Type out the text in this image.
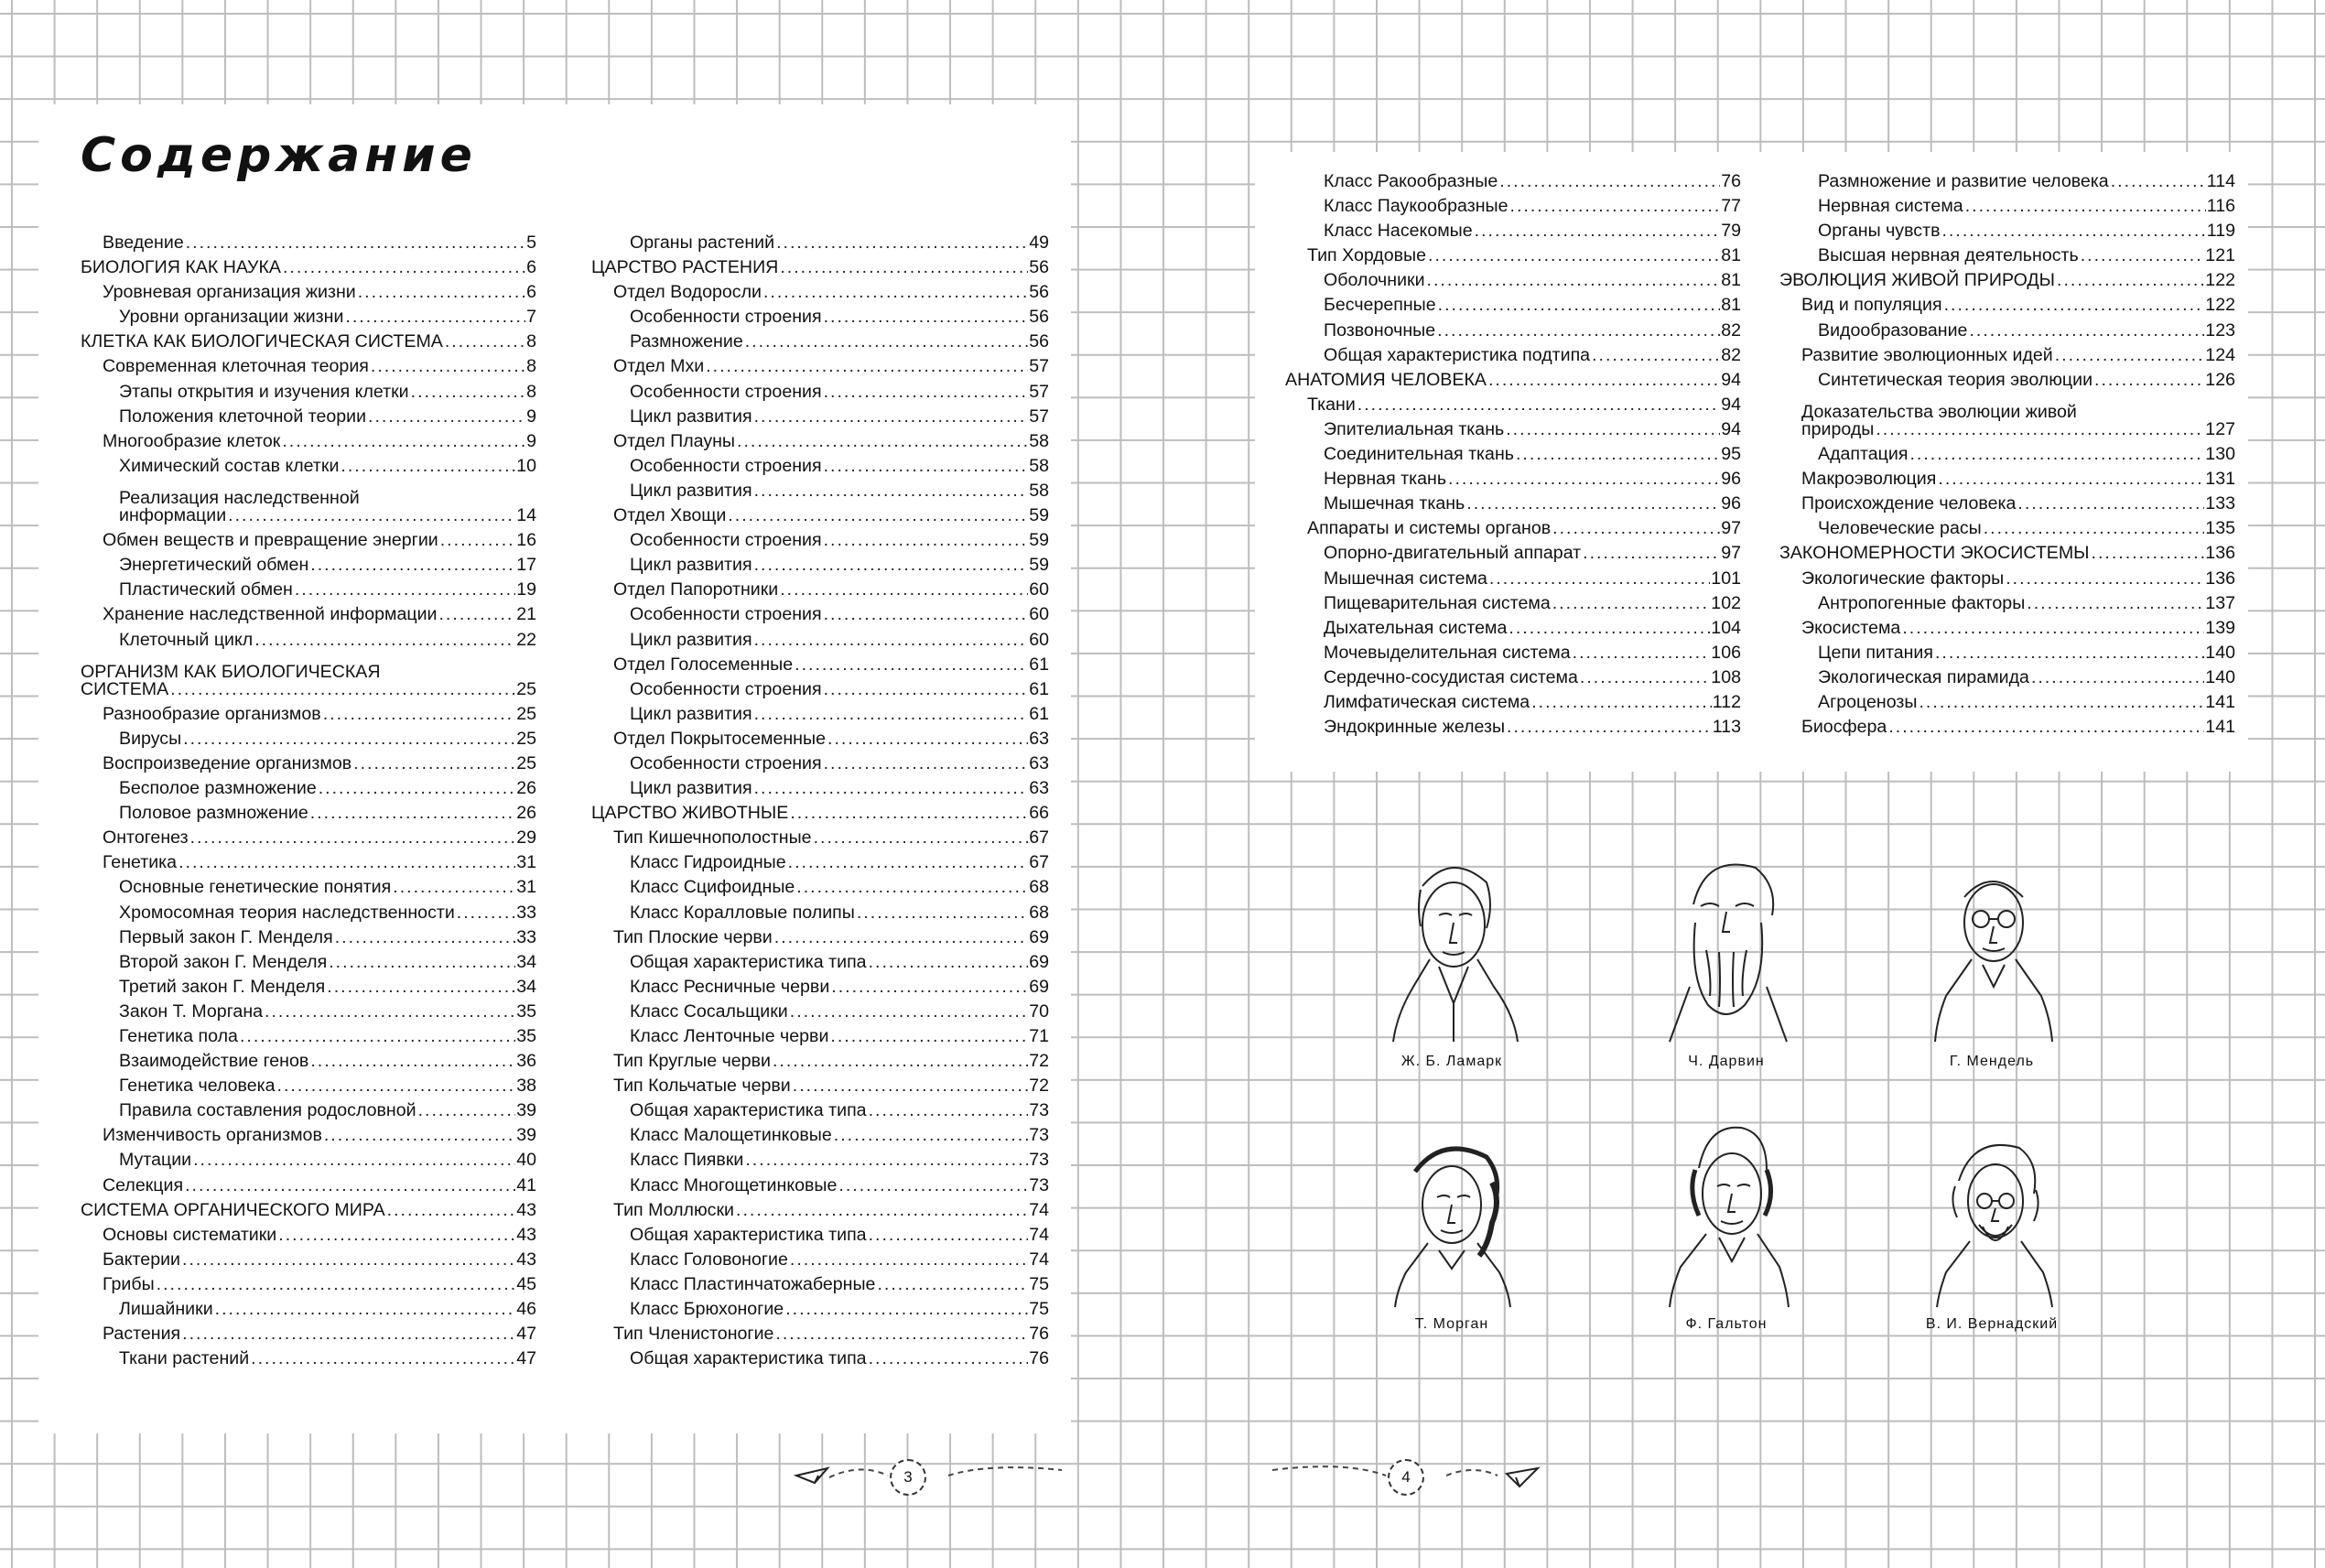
Содержание
Введение .....	5
БИОЛОГИЯ КАК НАУКА .....	6
Уровневая организация жизни .....	6
Уровни организации жизни .....	7
КЛЕТКА КАК БИОЛОГИЧЕСКАЯ СИСТЕМА .....	8
Современная клеточная теория .....	8
Этапы открытия и изучения клетки .....	8
Положения клеточной теории .....	9
Многообразие клеток .....	9
Химический состав клетки .....	10
Реализация наследственной
информации .....	14
Обмен веществ и превращение энергии .....	16
Энергетический обмен .....	17
Пластический обмен .....	19
Хранение наследственной информации .....	21
Клеточный цикл .....	22
ОРГАНИЗМ КАК БИОЛОГИЧЕСКАЯ
СИСТЕМА .....	25
Разнообразие организмов .....	25
Вирусы .....	25
Воспроизведение организмов .....	25
Бесполое размножение .....	26
Половое размножение .....	26
Онтогенез .....	29
Генетика .....	31
Основные генетические понятия .....	31
Хромосомная теория наследственности .....	33
Первый закон Г. Менделя .....	33
Второй закон Г. Менделя .....	34
Третий закон Г. Менделя .....	34
Закон Т. Моргана .....	35
Генетика пола .....	35
Взаимодействие генов .....	36
Генетика человека .....	38
Правила составления родословной .....	39
Изменчивость организмов .....	39
Мутации .....	40
Селекция .....	41
СИСТЕМА ОРГАНИЧЕСКОГО МИРА .....	43
Основы систематики .....	43
Бактерии .....	43
Грибы .....	45
Лишайники .....	46
Растения .....	47
Ткани растений .....	47
Органы растений .....	49
ЦАРСТВО РАСТЕНИЯ .....	56
Отдел Водоросли .....	56
Особенности строения .....	56
Размножение .....	56
Отдел Мхи .....	57
Особенности строения .....	57
Цикл развития .....	57
Отдел Плауны .....	58
Особенности строения .....	58
Цикл развития .....	58
Отдел Хвощи .....	59
Особенности строения .....	59
Цикл развития .....	59
Отдел Папоротники .....	60
Особенности строения .....	60
Цикл развития .....	60
Отдел Голосеменные .....	61
Особенности строения .....	61
Цикл развития .....	61
Отдел Покрытосеменные .....	63
Особенности строения .....	63
Цикл развития .....	63
ЦАРСТВО ЖИВОТНЫЕ .....	66
Тип Кишечнополостные .....	67
Класс Гидроидные .....	67
Класс Сцифоидные .....	68
Класс Коралловые полипы .....	68
Тип Плоские черви .....	69
Общая характеристика типа .....	69
Класс Ресничные черви .....	69
Класс Сосальщики .....	70
Класс Ленточные черви .....	71
Тип Круглые черви .....	72
Тип Кольчатые черви .....	72
Общая характеристика типа .....	73
Класс Малощетинковые .....	73
Класс Пиявки .....	73
Класс Многощетинковые .....	73
Тип Моллюски .....	74
Общая характеристика типа .....	74
Класс Головоногие .....	74
Класс Пластинчатожаберные .....	75
Класс Брюхоногие .....	75
Тип Членистоногие .....	76
Общая характеристика типа .....	76
Класс Ракообразные .....	76
Класс Паукообразные .....	77
Класс Насекомые .....	79
Тип Хордовые .....	81
Оболочники .....	81
Бесчерепные .....	81
Позвоночные .....	82
Общая характеристика подтипа .....	82
АНАТОМИЯ ЧЕЛОВЕКА .....	94
Ткани .....	94
Эпителиальная ткань .....	94
Соединительная ткань .....	95
Нервная ткань .....	96
Мышечная ткань .....	96
Аппараты и системы органов .....	97
Опорно-двигательный аппарат .....	97
Мышечная система .....	101
Пищеварительная система .....	102
Дыхательная система .....	104
Мочевыделительная система .....	106
Сердечно-сосудистая система .....	108
Лимфатическая система .....	112
Эндокринные железы .....	113
Размножение и развитие человека .....	114
Нервная система .....	116
Органы чувств .....	119
Высшая нервная деятельность .....	121
ЭВОЛЮЦИЯ ЖИВОЙ ПРИРОДЫ .....	122
Вид и популяция .....	122
Видообразование .....	123
Развитие эволюционных идей .....	124
Синтетическая теория эволюции .....	126
Доказательства эволюции живой
природы .....	127
Адаптация .....	130
Макроэволюция .....	131
Происхождение человека .....	133
Человеческие расы .....	135
ЗАКОНОМЕРНОСТИ ЭКОСИСТЕМЫ .....	136
Экологические факторы .....	136
Антропогенные факторы .....	137
Экосистема .....	139
Цепи питания .....	140
Экологическая пирамида .....	140
Агроценозы .....	141
Биосфера .....	141
Ж. Б. Ламарк	Ч. Дарвин	Г. Мендель
Т. Морган	Ф. Гальтон	В. И. Вернадский
3	4
